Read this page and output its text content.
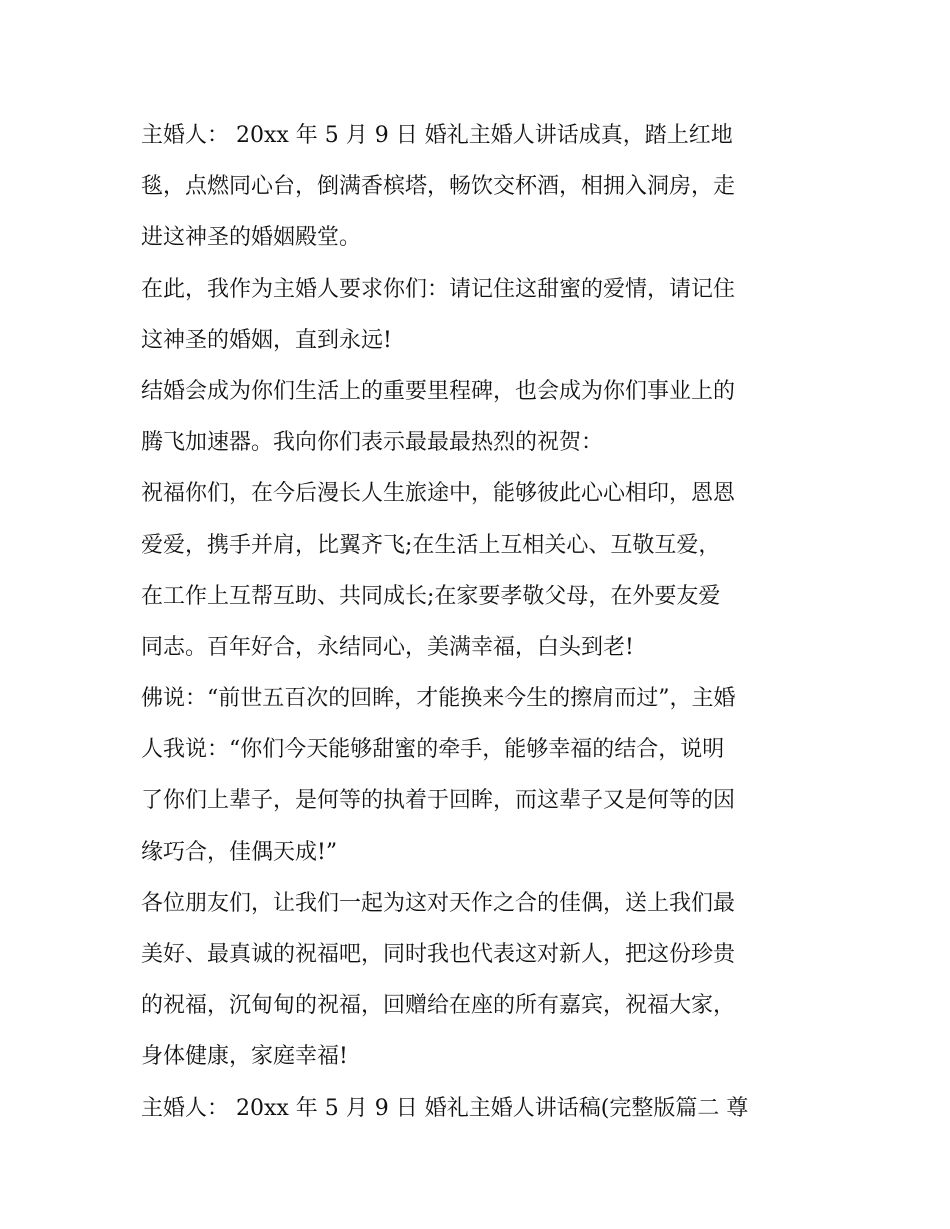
主婚人： 20xx 年 5 月 9 日 婚礼主婚人讲话成真，踏上红地
毯，点燃同心台，倒满香槟塔，畅饮交杯酒，相拥入洞房，走
进这神圣的婚姻殿堂。
在此，我作为主婚人要求你们：请记住这甜蜜的爱情，请记住
这神圣的婚姻，直到永远!
结婚会成为你们生活上的重要里程碑，也会成为你们事业上的
腾飞加速器。我向你们表示最最最热烈的祝贺：
祝福你们，在今后漫长人生旅途中，能够彼此心心相印，恩恩
爱爱，携手并肩，比翼齐飞;在生活上互相关心、互敬互爱，
在工作上互帮互助、共同成长;在家要孝敬父母，在外要友爱
同志。百年好合，永结同心，美满幸福，白头到老!
佛说：“前世五百次的回眸，才能换来今生的擦肩而过”，主婚
人我说：“你们今天能够甜蜜的牵手，能够幸福的结合，说明
了你们上辈子，是何等的执着于回眸，而这辈子又是何等的因
缘巧合，佳偶天成!”
各位朋友们，让我们一起为这对天作之合的佳偶，送上我们最
美好、最真诚的祝福吧，同时我也代表这对新人，把这份珍贵
的祝福，沉甸甸的祝福，回赠给在座的所有嘉宾，祝福大家，
身体健康，家庭幸福!
主婚人： 20xx 年 5 月 9 日 婚礼主婚人讲话稿(完整版篇二 尊
